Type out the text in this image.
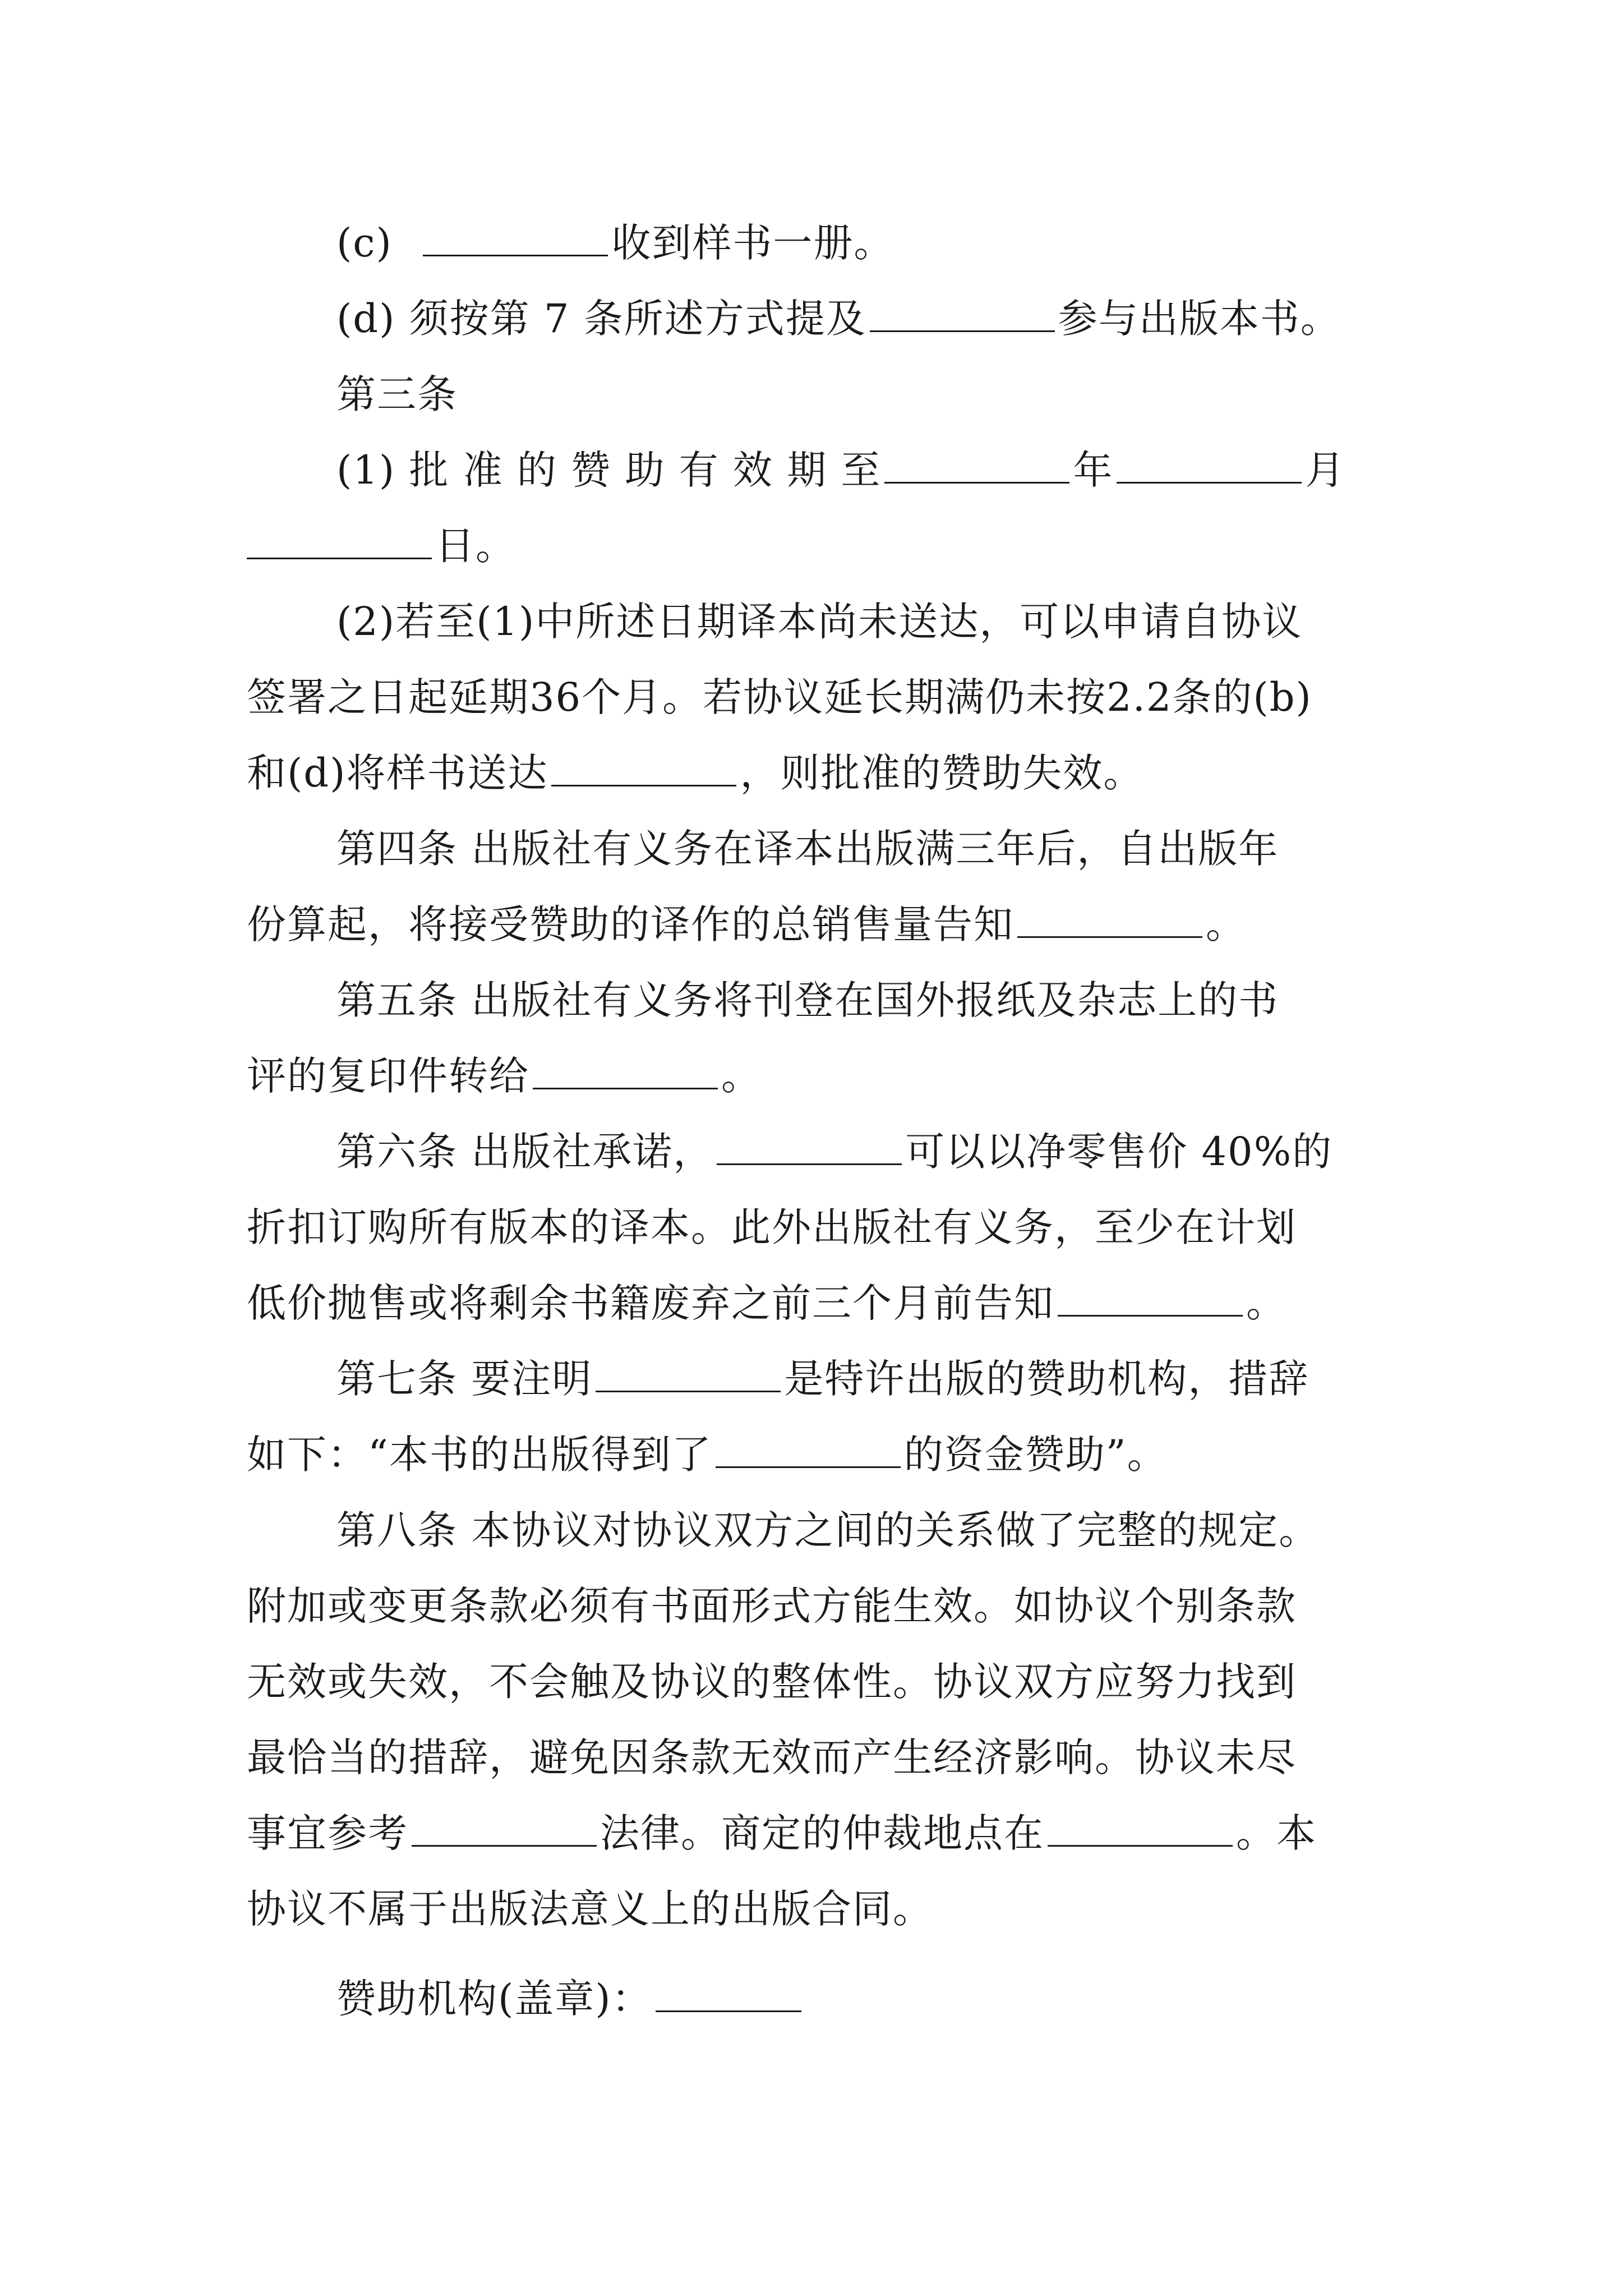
(c)	收到样书一册。
(d) 须按第 7 条所述方式提及	参与出版本书。
第三条
(1) 批 准 的 赞 助 有 效 期 至	年	月
日。
(2)若至(1)中所述日期译本尚未送达，可以申请自协议
签署之日起延期36个月。若协议延长期满仍未按2.2条的(b)
和(d)将样书送达	，则批准的赞助失效。
第四条 出版社有义务在译本出版满三年后，自出版年
份算起，将接受赞助的译作的总销售量告知	。
第五条 出版社有义务将刊登在国外报纸及杂志上的书
评的复印件转给	。
第六条 出版社承诺，	可以以净零售价 40%的
折扣订购所有版本的译本。此外出版社有义务，至少在计划
低价抛售或将剩余书籍废弃之前三个月前告知	。
第七条 要注明	是特许出版的赞助机构，措辞
如下：“本书的出版得到了	的资金赞助”。
第八条 本协议对协议双方之间的关系做了完整的规定。
附加或变更条款必须有书面形式方能生效。如协议个别条款
无效或失效，不会触及协议的整体性。协议双方应努力找到
最恰当的措辞，避免因条款无效而产生经济影响。协议未尽
事宜参考	法律。商定的仲裁地点在	。本
协议不属于出版法意义上的出版合同。
赞助机构(盖章)：
